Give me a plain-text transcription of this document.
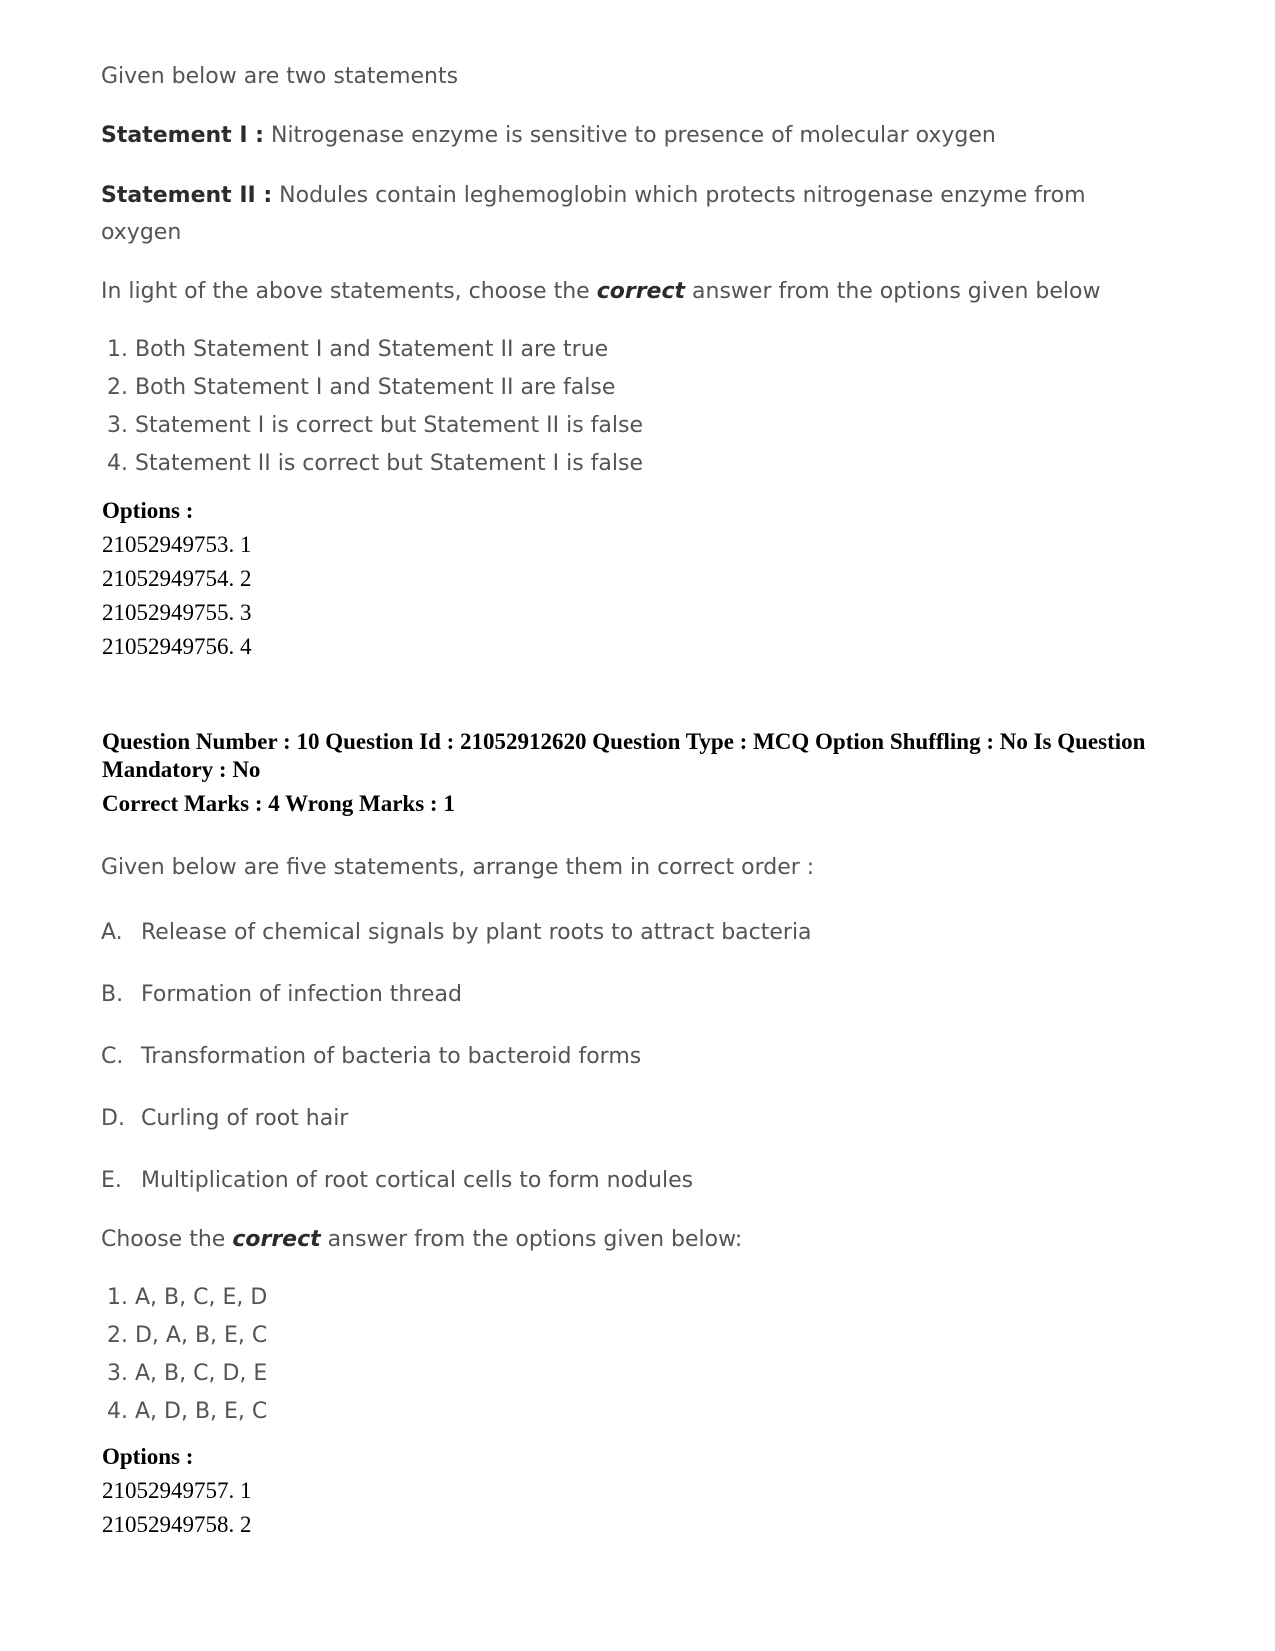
Given below are two statements

Statement I : Nitrogenase enzyme is sensitive to presence of molecular oxygen

Statement II : Nodules contain leghemoglobin which protects nitrogenase enzyme from oxygen

In light of the above statements, choose the correct answer from the options given below

1. Both Statement I and Statement II are true
2. Both Statement I and Statement II are false
3. Statement I is correct but Statement II is false
4. Statement II is correct but Statement I is false

Options :

21052949753. 1
21052949754. 2
21052949755. 3
21052949756. 4

Question Number : 10 Question Id : 21052912620 Question Type : MCQ Option Shuffling : No Is Question Mandatory : No

Correct Marks : 4 Wrong Marks : 1

Given below are five statements, arrange them in correct order :

A. Release of chemical signals by plant roots to attract bacteria

B. Formation of infection thread

C. Transformation of bacteria to bacteroid forms

D. Curling of root hair

E. Multiplication of root cortical cells to form nodules

Choose the correct answer from the options given below:

1. A, B, C, E, D
2. D, A, B, E, C
3. A, B, C, D, E
4. A, D, B, E, C

Options :

21052949757. 1
21052949758. 2
